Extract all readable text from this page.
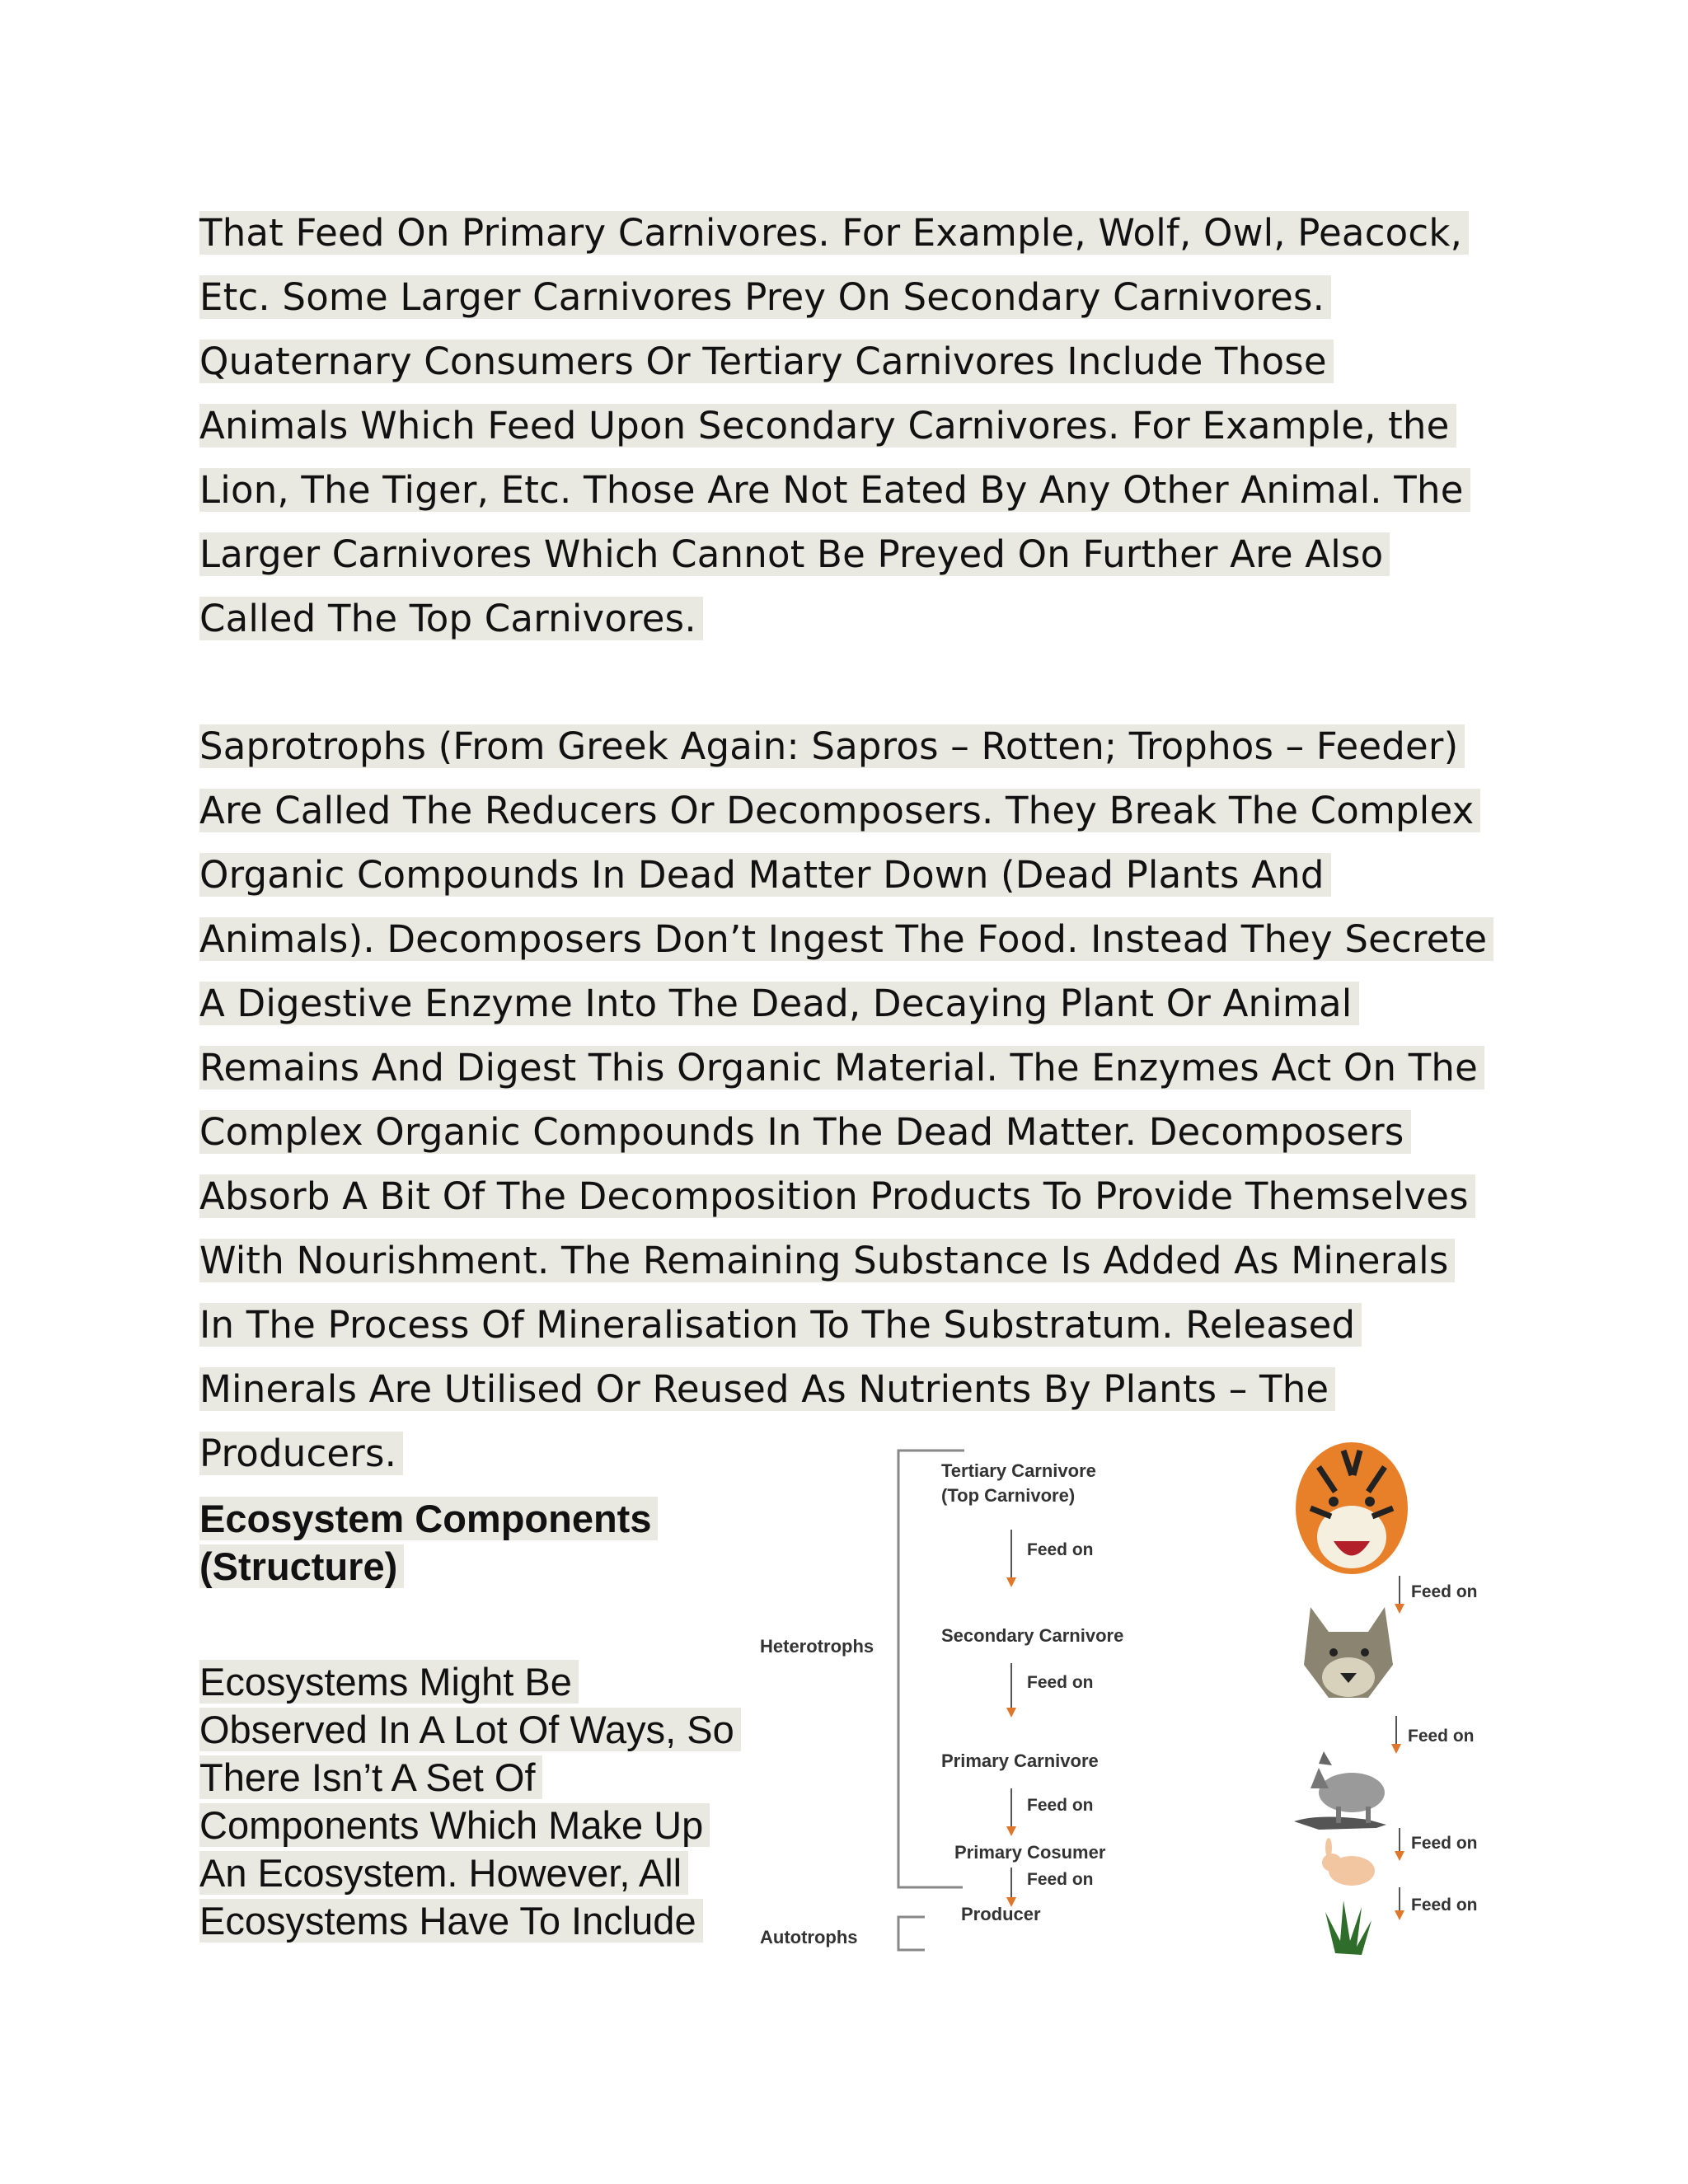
That Feed On Primary Carnivores. For Example, Wolf, Owl, Peacock,
Etc. Some Larger Carnivores Prey On Secondary Carnivores.
Quaternary Consumers Or Tertiary Carnivores Include Those
Animals Which Feed Upon Secondary Carnivores. For Example, the
Lion, The Tiger, Etc. Those Are Not Eated By Any Other Animal. The
Larger Carnivores Which Cannot Be Preyed On Further Are Also
Called The Top Carnivores.
Saprotrophs (From Greek Again: Sapros – Rotten; Trophos – Feeder)
Are Called The Reducers Or Decomposers. They Break The Complex
Organic Compounds In Dead Matter Down (Dead Plants And
Animals). Decomposers Don’t Ingest The Food. Instead They Secrete
A Digestive Enzyme Into The Dead, Decaying Plant Or Animal
Remains And Digest This Organic Material. The Enzymes Act On The
Complex Organic Compounds In The Dead Matter. Decomposers
Absorb A Bit Of The Decomposition Products To Provide Themselves
With Nourishment. The Remaining Substance Is Added As Minerals
In The Process Of Mineralisation To The Substratum. Released
Minerals Are Utilised Or Reused As Nutrients By Plants – The
Producers.
Ecosystem Components
(Structure)
Ecosystems Might Be
Observed In A Lot Of Ways, So
There Isn’t A Set Of
Components Which Make Up
An Ecosystem. However, All
Ecosystems Have To Include
Heterotrophs
Autotrophs
Tertiary Carnivore
(Top Carnivore)
Feed on
Secondary Carnivore
Feed on
Primary Carnivore
Feed on
Primary Cosumer
Feed on
Producer
Feed on
Feed on
Feed on
Feed on
